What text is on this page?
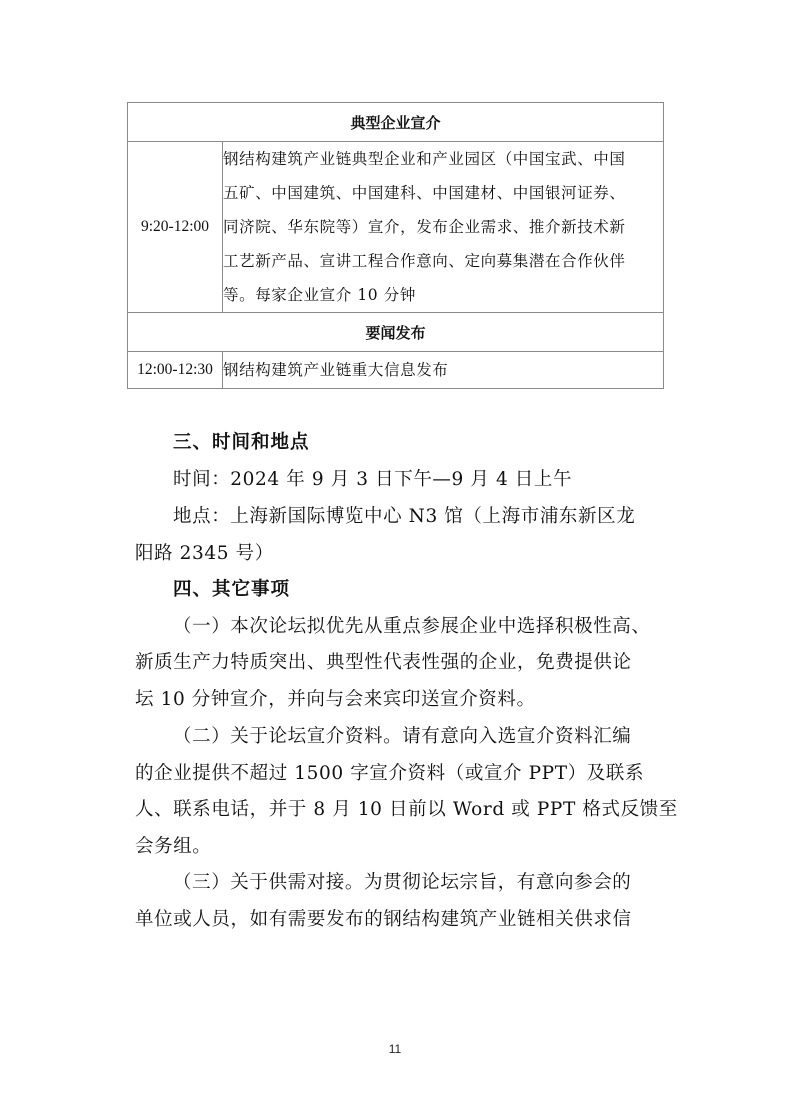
典型企业宣介	
9:20-12:00	钢结构建筑产业链典型企业和产业园区（中国宝武、中国
五矿、中国建筑、中国建科、中国建材、中国银河证券、
同济院、华东院等）宣介，发布企业需求、推介新技术新
工艺新产品、宣讲工程合作意向、定向募集潜在合作伙伴
等。每家企业宣介 10 分钟

要闻发布	
12:00-12:30	钢结构建筑产业链重大信息发布
三、时间和地点
时间：2024 年 9 月 3 日下午—9 月 4 日上午
地点：上海新国际博览中心 N3 馆（上海市浦东新区龙
阳路 2345 号）
四、其它事项
（一）本次论坛拟优先从重点参展企业中选择积极性高、
新质生产力特质突出、典型性代表性强的企业，免费提供论
坛 10 分钟宣介，并向与会来宾印送宣介资料。
（二）关于论坛宣介资料。请有意向入选宣介资料汇编
的企业提供不超过 1500 字宣介资料（或宣介 PPT）及联系
人、联系电话，并于 8 月 10 日前以 Word 或 PPT 格式反馈至
会务组。
（三）关于供需对接。为贯彻论坛宗旨，有意向参会的
单位或人员，如有需要发布的钢结构建筑产业链相关供求信
11
